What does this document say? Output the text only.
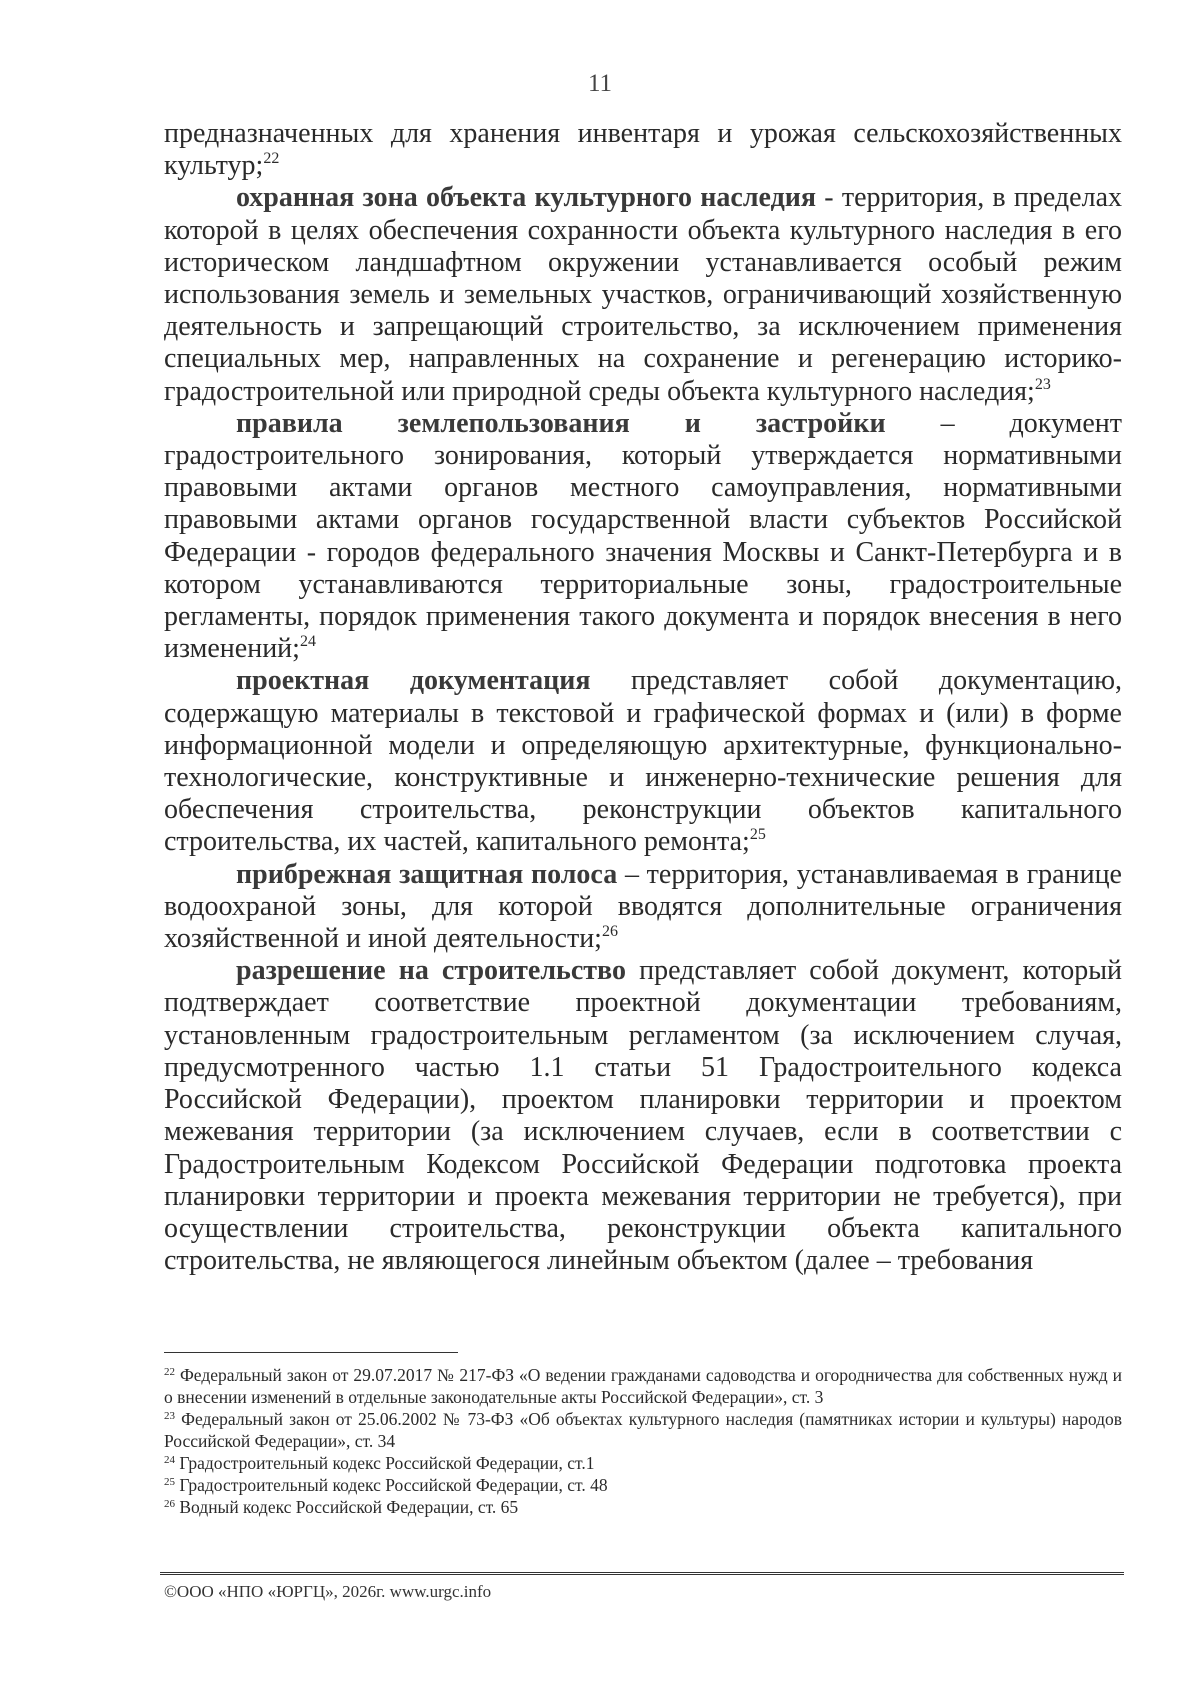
11

предназначенных для хранения инвентаря и урожая сельскохозяйственных культур;$^{22}$

охранная зона объекта культурного наследия - территория, в пределах которой в целях обеспечения сохранности объекта культурного наследия в его историческом ландшафтном окружении устанавливается особый режим использования земель и земельных участков, ограничивающий хозяйственную деятельность и запрещающий строительство, за исключением применения специальных мер, направленных на сохранение и регенерацию историко-градостроительной или природной среды объекта культурного наследия;$^{23}$

правила землепользования и застройки – документ градостроительного зонирования, который утверждается нормативными правовыми актами органов местного самоуправления, нормативными правовыми актами органов государственной власти субъектов Российской Федерации - городов федерального значения Москвы и Санкт-Петербурга и в котором устанавливаются территориальные зоны, градостроительные регламенты, порядок применения такого документа и порядок внесения в него изменений;$^{24}$

проектная документация представляет собой документацию, содержащую материалы в текстовой и графической формах и (или) в форме информационной модели и определяющую архитектурные, функционально-технологические, конструктивные и инженерно-технические решения для обеспечения строительства, реконструкции объектов капитального строительства, их частей, капитального ремонта;$^{25}$

прибрежная защитная полоса – территория, устанавливаемая в границе водоохраной зоны, для которой вводятся дополнительные ограничения хозяйственной и иной деятельности;$^{26}$

разрешение на строительство представляет собой документ, который подтверждает соответствие проектной документации требованиям, установленным градостроительным регламентом (за исключением случая, предусмотренного частью 1.1 статьи 51 Градостроительного кодекса Российской Федерации), проектом планировки территории и проектом межевания территории (за исключением случаев, если в соответствии с Градостроительным Кодексом Российской Федерации подготовка проекта планировки территории и проекта межевания территории не требуется), при осуществлении строительства, реконструкции объекта капитального строительства, не являющегося линейным объектом (далее – требования

$^{22}$ Федеральный закон от 29.07.2017 № 217-ФЗ «О ведении гражданами садоводства и огородничества для собственных нужд и о внесении изменений в отдельные законодательные акты Российской Федерации», ст. 3

$^{23}$ Федеральный закон от 25.06.2002 № 73-ФЗ «Об объектах культурного наследия (памятниках истории и культуры) народов Российской Федерации», ст. 34

$^{24}$ Градостроительный кодекс Российской Федерации, ст.1

$^{25}$ Градостроительный кодекс Российской Федерации, ст. 48

$^{26}$ Водный кодекс Российской Федерации, ст. 65

©ООО «НПО «ЮРГЦ», 2026г. www.urgc.info
